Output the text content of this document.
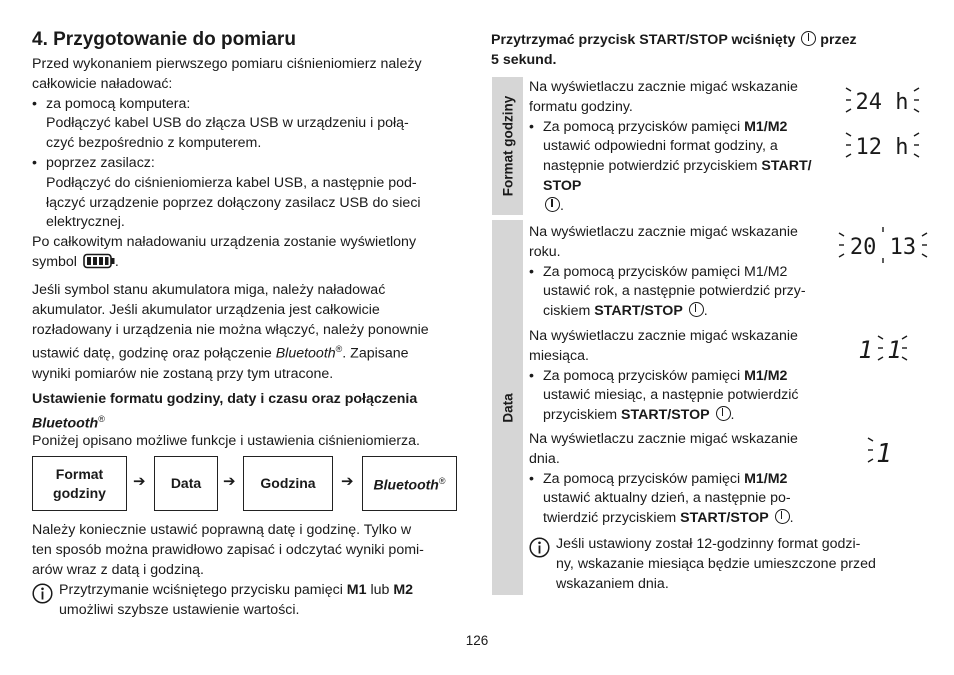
4. Przygotowanie do pomiaru

Przed wykonaniem pierwszego pomiaru ciśnieniomierz należy

całkowicie naładować:

• za pomocą komputera:

Podłączyć kabel USB do złącza USB w urządzeniu i połą-

czyć bezpośrednio z komputerem.

• poprzez zasilacz:

Podłączyć do ciśnieniomierza kabel USB, a następnie pod-

łączyć urządzenie poprzez dołączony zasilacz USB do sieci

elektrycznej.

Po całkowitym naładowaniu urządzenia zostanie wyświetlony

symbol	.

Jeśli symbol stanu akumulatora miga, należy naładować

akumulator. Jeśli akumulator urządzenia jest całkowicie

rozładowany i urządzenia nie można włączyć, należy ponownie

ustawić datę, godzinę oraz połączenie Bluetooth®. Zapisane

wyniki pomiarów nie zostaną przy tym utracone.

Ustawienie formatu godziny, daty i czasu oraz połączenia

Bluetooth®

Poniżej opisano możliwe funkcje i ustawienia ciśnieniomierza.

Format
godziny
➔ Data ➔ Godzina ➔ Bluetooth®

Należy koniecznie ustawić poprawną datę i godzinę. Tylko w

ten sposób można prawidłowo zapisać i odczytać wyniki pomi-

arów wraz z datą i godziną.

Przytrzymanie wciśniętego przycisku pamięci M1 lub M2

umożliwi szybsze ustawienie wartości.

Przytrzymać przycisk START/STOP wciśnięty przez

5 sekund.

Format godziny
Data

Na wyświetlaczu zacznie migać wskazanie

formatu godziny.

• Za pomocą przycisków pamięci M1/M2

ustawić odpowiedni format godziny, a

następnie potwierdzić przyciskiem START/

STOP

.

Na wyświetlaczu zacznie migać wskazanie

roku.

• Za pomocą przycisków pamięci M1/M2

ustawić rok, a następnie potwierdzić przy-

ciskiem START/STOP .

Na wyświetlaczu zacznie migać wskazanie

miesiąca.

• Za pomocą przycisków pamięci M1/M2

ustawić miesiąc, a następnie potwierdzić

przyciskiem START/STOP .

Na wyświetlaczu zacznie migać wskazanie

dnia.

• Za pomocą przycisków pamięci M1/M2

ustawić aktualny dzień, a następnie po-

twierdzić przyciskiem START/STOP .

Jeśli ustawiony został 12-godzinny format godzi-

ny, wskazanie miesiąca będzie umieszczone przed

wskazaniem dnia.

24 h
12 h
20 13
1 1
1
126
